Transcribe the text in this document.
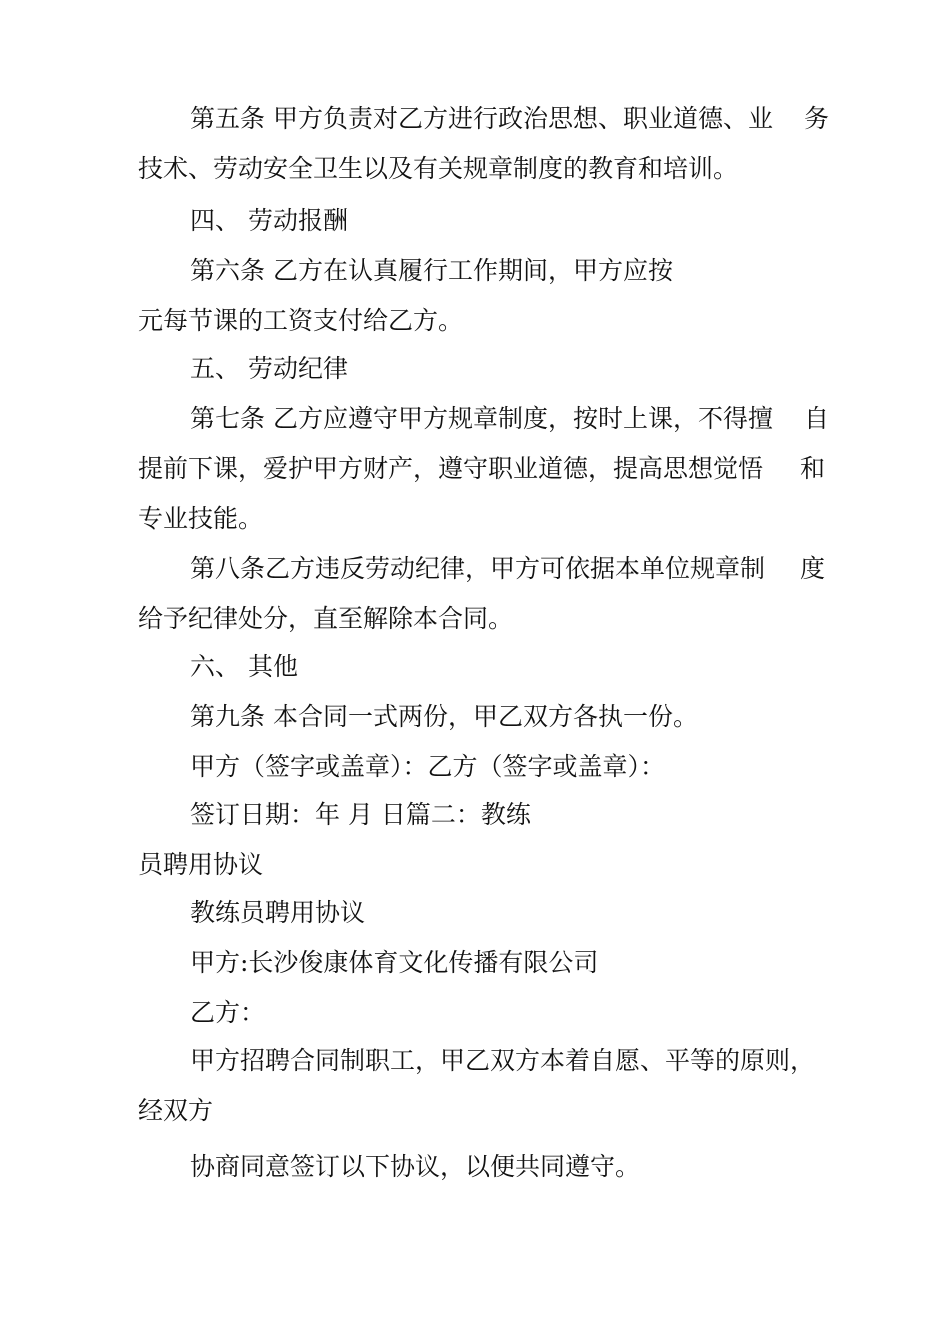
第五条 甲方负责对乙方进行政治思想、职业道德、业 务
技术、劳动安全卫生以及有关规章制度的教育和培训。
四、 劳动报酬
第六条 乙方在认真履行工作期间，甲方应按
元每节课的工资支付给乙方。
五、 劳动纪律
第七条 乙方应遵守甲方规章制度，按时上课，不得擅 自
提前下课，爱护甲方财产，遵守职业道德，提高思想觉悟 和
专业技能。
第八条乙方违反劳动纪律，甲方可依据本单位规章制 度
给予纪律处分，直至解除本合同。
六、 其他
第九条 本合同一式两份，甲乙双方各执一份。
甲方（签字或盖章）：乙方（签字或盖章）：
签订日期：年 月 日篇二：教练
员聘用协议
教练员聘用协议
甲方:长沙俊康体育文化传播有限公司
乙方：
甲方招聘合同制职工，甲乙双方本着自愿、平等的原则，
经双方
协商同意签订以下协议，以便共同遵守。
